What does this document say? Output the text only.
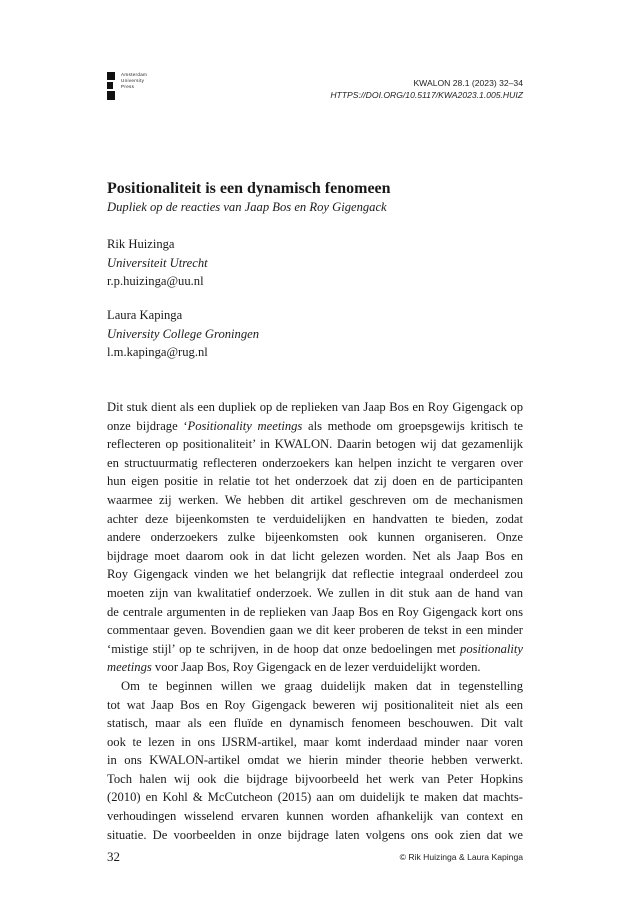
Amsterdam
University
Press	KWALON 28.1 (2023) 32–34
HTTPS://DOI.ORG/10.5117/KWA2023.1.005.HUIZ
Positionaliteit is een dynamisch fenomeen
Dupliek op de reacties van Jaap Bos en Roy Gigengack
Rik Huizinga
Universiteit Utrecht
r.p.huizinga@uu.nl
Laura Kapinga
University College Groningen
l.m.kapinga@rug.nl
Dit stuk dient als een dupliek op de replieken van Jaap Bos en Roy Gigengack op
onze bijdrage ‘Positionality meetings als methode om groepsgewijs kritisch te
reflecteren op positionaliteit’ in KWALON. Daarin betogen wij dat gezamenlijk
en structuurmatig reflecteren onderzoekers kan helpen inzicht te vergaren over
hun eigen positie in relatie tot het onderzoek dat zij doen en de participanten
waarmee zij werken. We hebben dit artikel geschreven om de mechanismen
achter deze bijeenkomsten te verduidelijken en handvatten te bieden, zodat
andere onderzoekers zulke bijeenkomsten ook kunnen organiseren. Onze
bijdrage moet daarom ook in dat licht gelezen worden. Net als Jaap Bos en
Roy Gigengack vinden we het belangrijk dat reflectie integraal onderdeel zou
moeten zijn van kwalitatief onderzoek. We zullen in dit stuk aan de hand van
de centrale argumenten in de replieken van Jaap Bos en Roy Gigengack kort ons
commentaar geven. Bovendien gaan we dit keer proberen de tekst in een minder
‘mistige stijl’ op te schrijven, in de hoop dat onze bedoelingen met positionality
meetings voor Jaap Bos, Roy Gigengack en de lezer verduidelijkt worden.
Om te beginnen willen we graag duidelijk maken dat in tegenstelling
tot wat Jaap Bos en Roy Gigengack beweren wij positionaliteit niet als een
statisch, maar als een fluïde en dynamisch fenomeen beschouwen. Dit valt
ook te lezen in ons IJSRM-artikel, maar komt inderdaad minder naar voren
in ons KWALON-artikel omdat we hierin minder theorie hebben verwerkt.
Toch halen wij ook die bijdrage bijvoorbeeld het werk van Peter Hopkins
(2010) en Kohl & McCutcheon (2015) aan om duidelijk te maken dat machts-
verhoudingen wisselend ervaren kunnen worden afhankelijk van context en
situatie. De voorbeelden in onze bijdrage laten volgens ons ook zien dat we
32	© Rik Huizinga & Laura Kapinga
